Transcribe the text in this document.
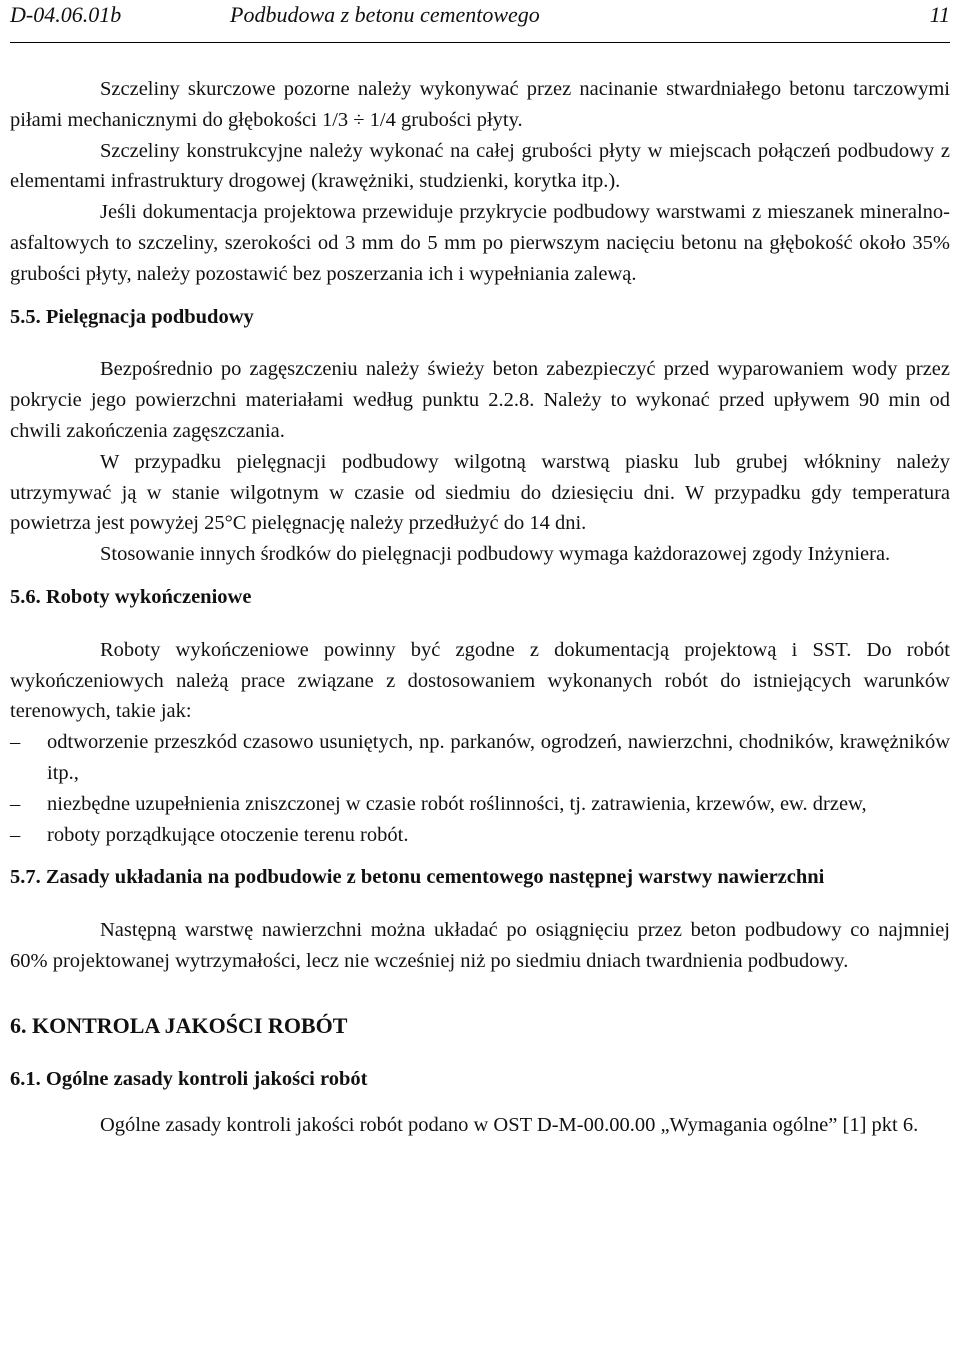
D-04.06.01b	Podbudowa z betonu cementowego	11

Szczeliny skurczowe pozorne należy wykonywać przez nacinanie stwardniałego betonu tarczowymi piłami mechanicznymi do głębokości 1/3 ÷ 1/4 grubości płyty.

Szczeliny konstrukcyjne należy wykonać na całej grubości płyty w miejscach połączeń podbudowy z elementami infrastruktury drogowej (krawężniki, studzienki, korytka itp.).

Jeśli dokumentacja projektowa przewiduje przykrycie podbudowy warstwami z mieszanek mineralno-asfaltowych to szczeliny, szerokości od 3 mm do 5 mm po pierwszym nacięciu betonu na głębokość około 35% grubości płyty, należy pozostawić bez poszerzania ich i wypełniania zalewą.

5.5. Pielęgnacja podbudowy

Bezpośrednio po zagęszczeniu należy świeży beton zabezpieczyć przed wyparowaniem wody przez pokrycie jego powierzchni materiałami według punktu 2.2.8. Należy to wykonać przed upływem 90 min od chwili zakończenia zagęszczania.

W przypadku pielęgnacji podbudowy wilgotną warstwą piasku lub grubej włókniny należy utrzymywać ją w stanie wilgotnym w czasie od siedmiu do dziesięciu dni. W przypadku gdy temperatura powietrza jest powyżej 25°C pielęgnację należy przedłużyć do 14 dni.

Stosowanie innych środków do pielęgnacji podbudowy wymaga każdorazowej zgody Inżyniera.

5.6. Roboty wykończeniowe

Roboty wykończeniowe powinny być zgodne z dokumentacją projektową i SST. Do robót wykończeniowych należą prace związane z dostosowaniem wykonanych robót do istniejących warunków terenowych, takie jak:

– odtworzenie przeszkód czasowo usuniętych, np. parkanów, ogrodzeń, nawierzchni, chodników, krawężników itp.,
– niezbędne uzupełnienia zniszczonej w czasie robót roślinności, tj. zatrawienia, krzewów, ew. drzew,
– roboty porządkujące otoczenie terenu robót.
5.7. Zasady układania na podbudowie z betonu cementowego następnej warstwy nawierzchni

Następną warstwę nawierzchni można układać po osiągnięciu przez beton podbudowy co najmniej 60% projektowanej wytrzymałości, lecz nie wcześniej niż po siedmiu dniach twardnienia podbudowy.

6. KONTROLA JAKOŚCI ROBÓT
6.1. Ogólne zasady kontroli jakości robót

Ogólne zasady kontroli jakości robót podano w OST D-M-00.00.00 „Wymagania ogólne” [1] pkt 6.
